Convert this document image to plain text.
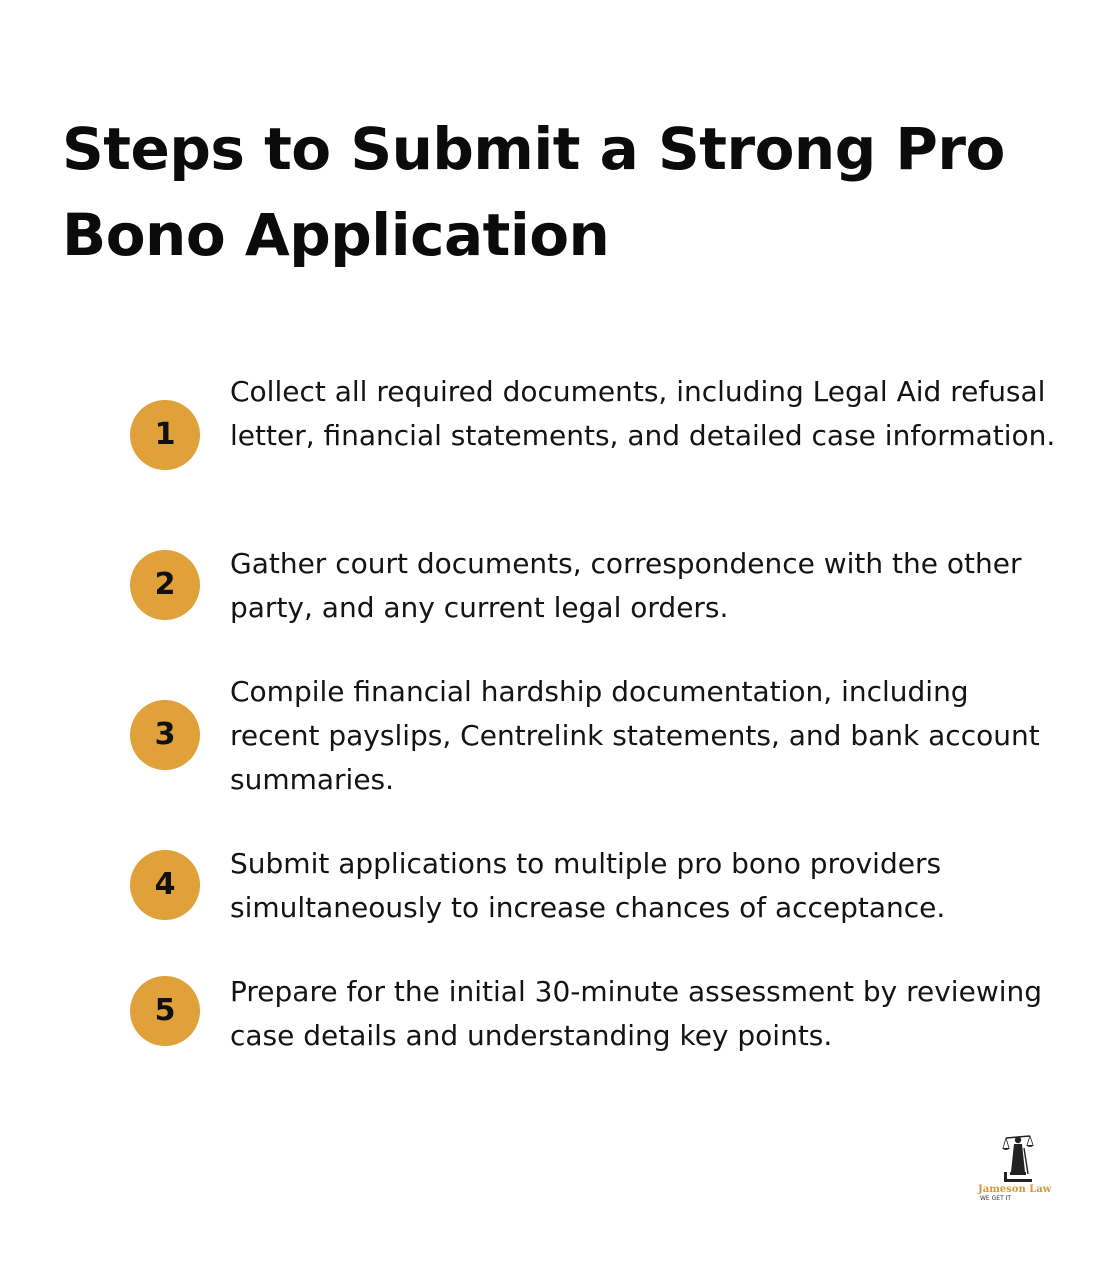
Steps to Submit a Strong Pro Bono Application
1

Collect all required documents, including Legal Aid refusal letter, financial statements, and detailed case information.

2

Gather court documents, correspondence with the other party, and any current legal orders.

3

Compile financial hardship documentation, including recent payslips, Centrelink statements, and bank account summaries.

4

Submit applications to multiple pro bono providers simultaneously to increase chances of acceptance.

5

Prepare for the initial 30-minute assessment by reviewing case details and understanding key points.

Jameson Law
WE GET IT
